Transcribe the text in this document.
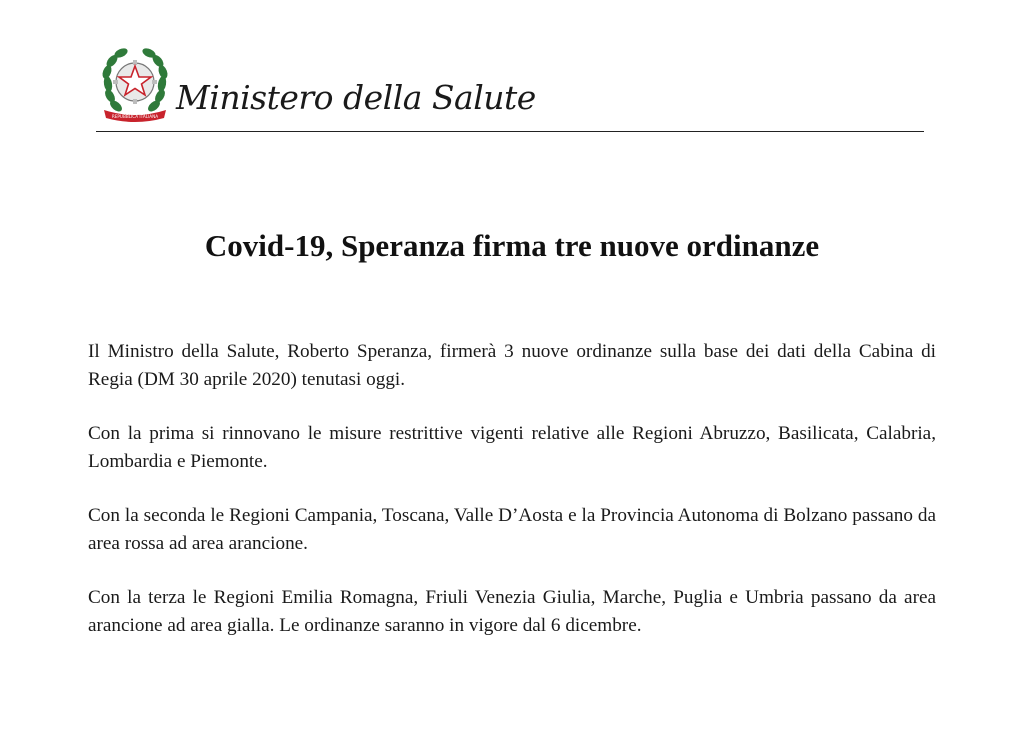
REPUBBLICA ITALIANA Ministero della Salute
Covid-19, Speranza firma tre nuove ordinanze

Il Ministro della Salute, Roberto Speranza, firmerà 3 nuove ordinanze sulla base dei dati della Cabina di Regia (DM 30 aprile 2020) tenutasi oggi.

Con la prima si rinnovano le misure restrittive vigenti relative alle Regioni Abruzzo, Basilicata, Calabria, Lombardia e Piemonte.

Con la seconda le Regioni Campania, Toscana, Valle D’Aosta e la Provincia Autonoma di Bolzano passano da area rossa ad area arancione.

Con la terza le Regioni Emilia Romagna, Friuli Venezia Giulia, Marche, Puglia e Umbria passano da area arancione ad area gialla. Le ordinanze saranno in vigore dal 6 dicembre.
